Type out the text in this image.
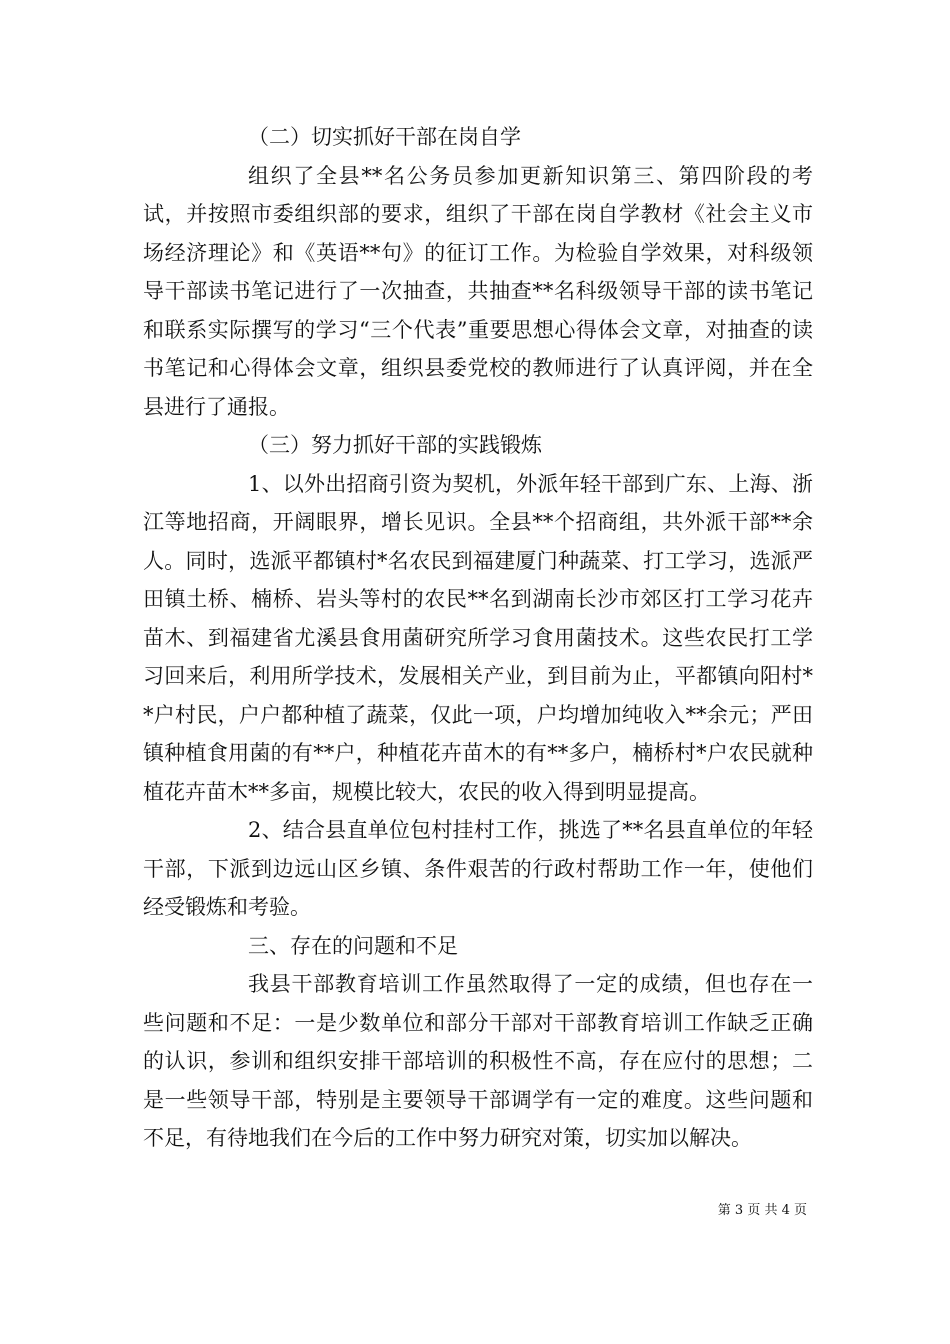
（二）切实抓好干部在岗自学

组织了全县**名公务员参加更新知识第三、第四阶段的考试，并按照市委组织部的要求，组织了干部在岗自学教材《社会主义市场经济理论》和《英语**句》的征订工作。为检验自学效果，对科级领导干部读书笔记进行了一次抽查，共抽查**名科级领导干部的读书笔记和联系实际撰写的学习“三个代表”重要思想心得体会文章，对抽查的读书笔记和心得体会文章，组织县委党校的教师进行了认真评阅，并在全县进行了通报。

（三）努力抓好干部的实践锻炼

1、以外出招商引资为契机，外派年轻干部到广东、上海、浙江等地招商，开阔眼界，增长见识。全县**个招商组，共外派干部**余人。同时，选派平都镇村*名农民到福建厦门种蔬菜、打工学习，选派严田镇土桥、楠桥、岩头等村的农民**名到湖南长沙市郊区打工学习花卉苗木、到福建省尤溪县食用菌研究所学习食用菌技术。这些农民打工学习回来后，利用所学技术，发展相关产业，到目前为止，平都镇向阳村**户村民，户户都种植了蔬菜，仅此一项，户均增加纯收入**余元；严田镇种植食用菌的有**户，种植花卉苗木的有**多户，楠桥村*户农民就种植花卉苗木**多亩，规模比较大，农民的收入得到明显提高。

2、结合县直单位包村挂村工作，挑选了**名县直单位的年轻干部，下派到边远山区乡镇、条件艰苦的行政村帮助工作一年，使他们经受锻炼和考验。

三、存在的问题和不足

我县干部教育培训工作虽然取得了一定的成绩，但也存在一些问题和不足：一是少数单位和部分干部对干部教育培训工作缺乏正确的认识，参训和组织安排干部培训的积极性不高，存在应付的思想；二是一些领导干部，特别是主要领导干部调学有一定的难度。这些问题和不足，有待地我们在今后的工作中努力研究对策，切实加以解决。

第 3 页 共 4 页
